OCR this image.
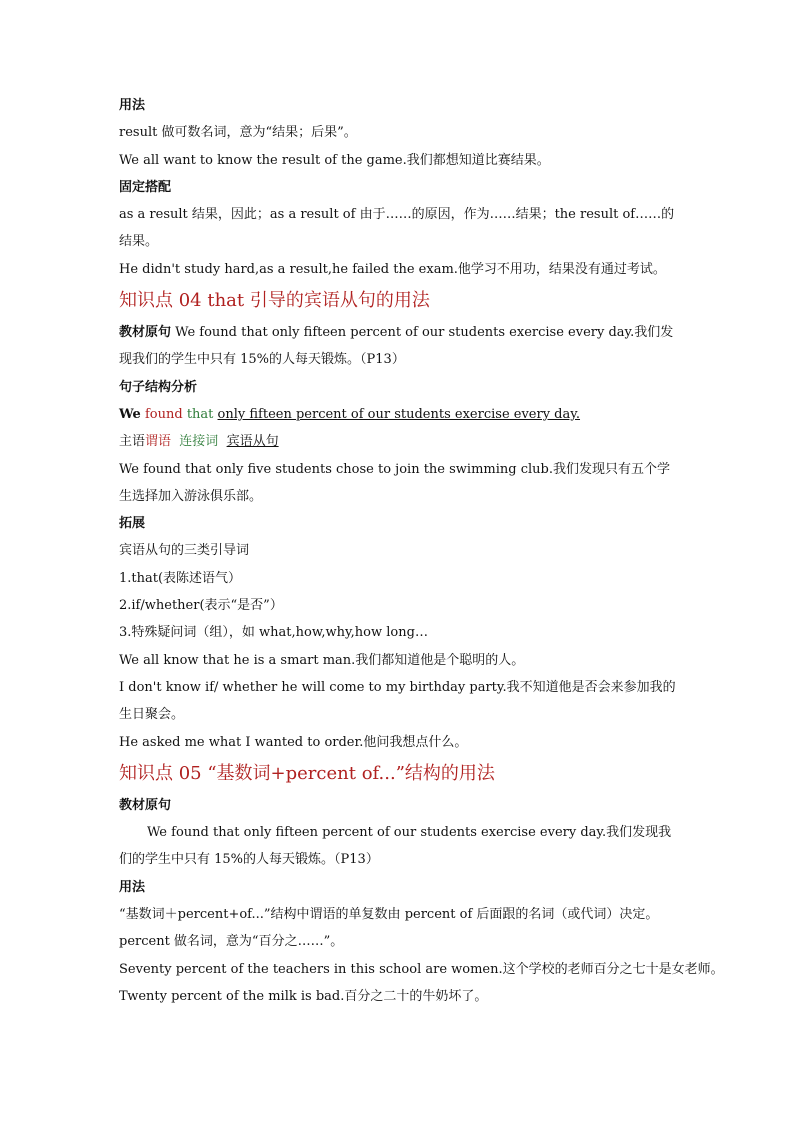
用法

result 做可数名词，意为“结果；后果”。

We all want to know the result of the game.我们都想知道比赛结果。

固定搭配

as a result 结果，因此；as a result of 由于……的原因，作为……结果；the result of……的结果。

He didn't study hard,as a result,he failed the exam.他学习不用功，结果没有通过考试。

知识点 04 that 引导的宾语从句的用法

教材原句 We found that only fifteen percent of our students exercise every day.我们发现我们的学生中只有 15%的人每天锻炼。（P13）

句子结构分析

We found that only fifteen percent of our students exercise every day.

主语谓语 连接词 宾语从句

We found that only five students chose to join the swimming club.我们发现只有五个学生选择加入游泳俱乐部。

拓展

宾语从句的三类引导词

1.that(表陈述语气）

2.if/whether(表示“是否”）

3.特殊疑问词（组），如 what,how,why,how long…

We all know that he is a smart man.我们都知道他是个聪明的人。

I don't know if/ whether he will come to my birthday party.我不知道他是否会来参加我的生日聚会。

He asked me what I wanted to order.他问我想点什么。

知识点 05 “基数词+percent of...”结构的用法

教材原句

We found that only fifteen percent of our students exercise every day.我们发现我们的学生中只有 15%的人每天锻炼。（P13）

用法

“基数词＋percent+of...”结构中谓语的单复数由 percent of 后面跟的名词（或代词）决定。

percent 做名词，意为“百分之……”。

Seventy percent of the teachers in this school are women.这个学校的老师百分之七十是女老师。

Twenty percent of the milk is bad.百分之二十的牛奶坏了。
